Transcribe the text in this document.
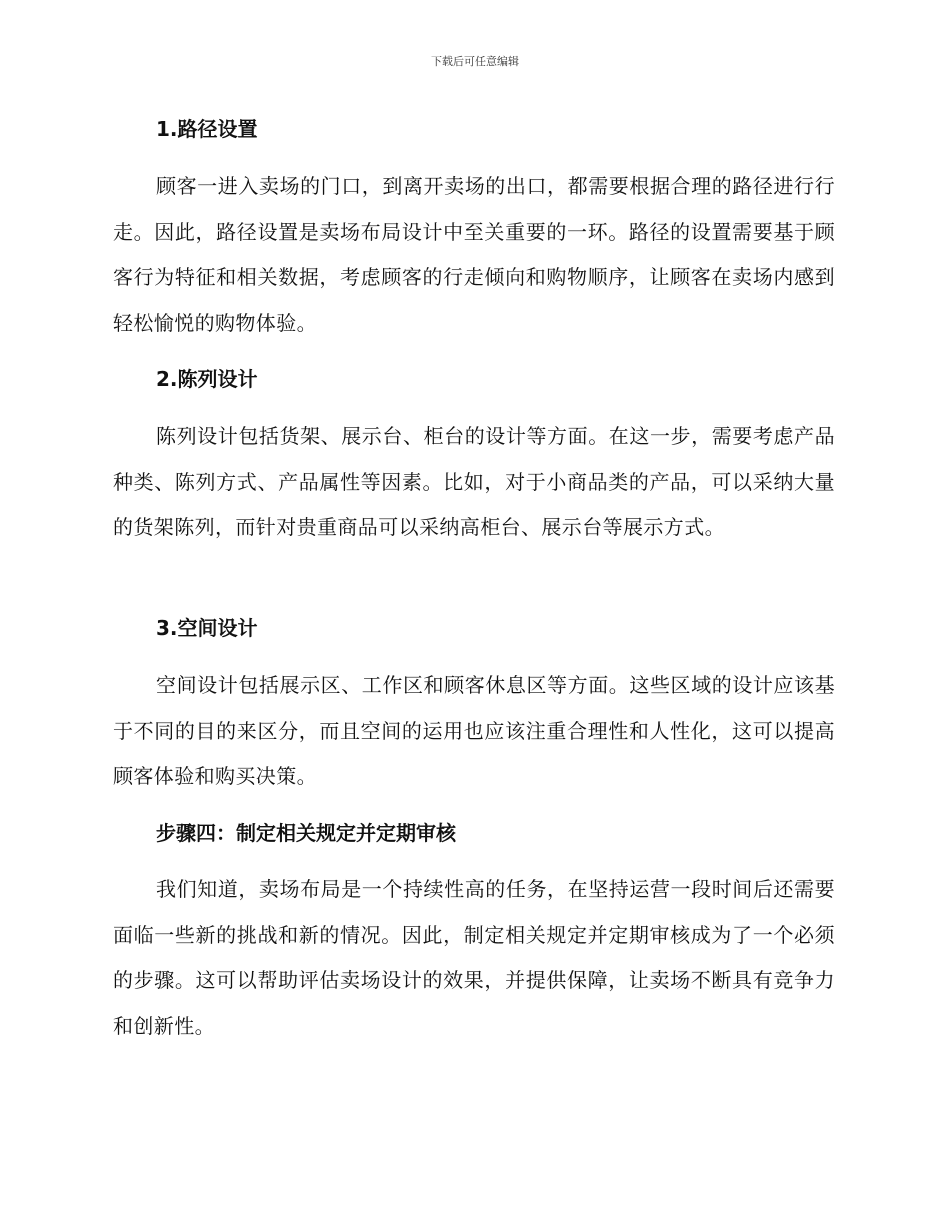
下载后可任意编辑
1.路径设置
顾客一进入卖场的门口，到离开卖场的出口，都需要根据合理的路径进行行走。因此，路径设置是卖场布局设计中至关重要的一环。路径的设置需要基于顾客行为特征和相关数据，考虑顾客的行走倾向和购物顺序，让顾客在卖场内感到轻松愉悦的购物体验。
2.陈列设计
陈列设计包括货架、展示台、柜台的设计等方面。在这一步，需要考虑产品种类、陈列方式、产品属性等因素。比如，对于小商品类的产品，可以采纳大量的货架陈列，而针对贵重商品可以采纳高柜台、展示台等展示方式。
3.空间设计
空间设计包括展示区、工作区和顾客休息区等方面。这些区域的设计应该基于不同的目的来区分，而且空间的运用也应该注重合理性和人性化，这可以提高顾客体验和购买决策。
步骤四：制定相关规定并定期审核
我们知道，卖场布局是一个持续性高的任务，在坚持运营一段时间后还需要面临一些新的挑战和新的情况。因此，制定相关规定并定期审核成为了一个必须的步骤。这可以帮助评估卖场设计的效果，并提供保障，让卖场不断具有竞争力和创新性。
